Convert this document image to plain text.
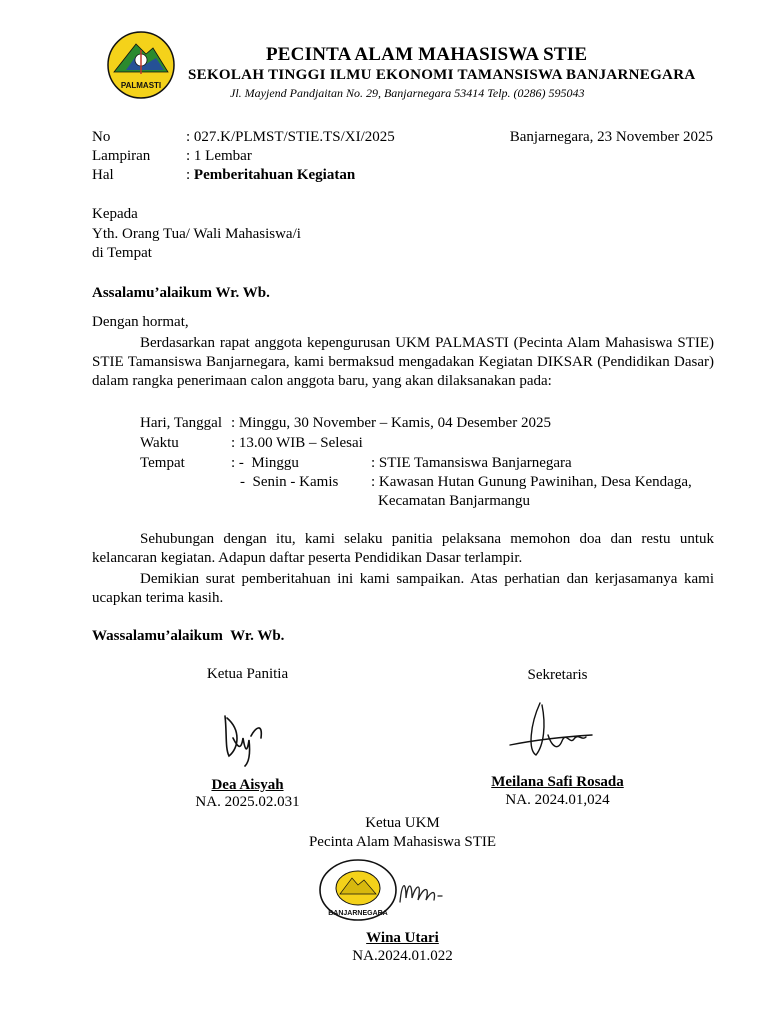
PALMASTI
PECINTA ALAM MAHASISWA STIE
SEKOLAH TINGGI ILMU EKONOMI TAMANSISWA BANJARNEGARA
Jl. Mayjend Pandjaitan No. 29, Banjarnegara 53414 Telp. (0286) 595043
No	: 027.K/PLMST/STIE.TS/XI/2025	Banjarnegara, 23 November 2025
Lampiran : 1 Lembar
Hal	: Pemberitahuan Kegiatan
Kepada
Yth. Orang Tua/ Wali Mahasiswa/i
di Tempat
Assalamu’alaikum Wr. Wb.
Dengan hormat,
Berdasarkan rapat anggota kepengurusan UKM PALMASTI (Pecinta Alam Mahasiswa STIE) STIE Tamansiswa Banjarnegara, kami bermaksud mengadakan Kegiatan DIKSAR (Pendidikan Dasar) dalam rangka penerimaan calon anggota baru, yang akan dilaksanakan pada:
Hari, Tanggal : Minggu, 30 November – Kamis, 04 Desember 2025
Waktu	: 13.00 WIB – Selesai
Tempat	: -  Minggu	: STIE Tamansiswa Banjarnegara
-  Senin - Kamis : Kawasan Hutan Gunung Pawinihan, Desa Kendaga,
Kecamatan Banjarmangu
Sehubungan dengan itu, kami selaku panitia pelaksana memohon doa dan restu untuk kelancaran kegiatan. Adapun daftar peserta Pendidikan Dasar terlampir.
Demikian surat pemberitahuan ini kami sampaikan. Atas perhatian dan kerjasamanya kami ucapkan terima kasih.
Wassalamu’alaikum  Wr. Wb.
Ketua Panitia	Sekretaris
Dea Aisyah
NA. 2025.02.031
Meilana Safi Rosada
NA. 2024.01,024
Ketua UKM
Pecinta Alam Mahasiswa STIE
BANJARNEGARA
Wina Utari
NA.2024.01.022
